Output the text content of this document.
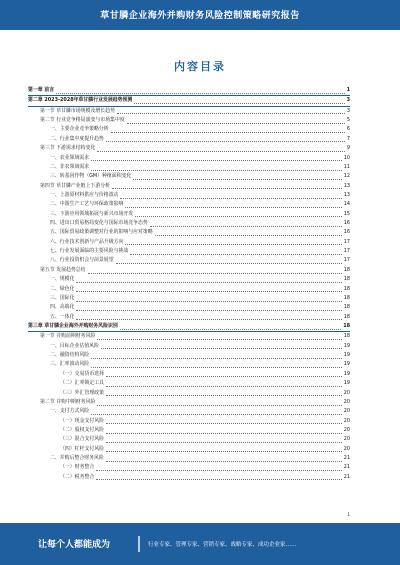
草甘膦企业海外并购财务风险控制策略研究报告
内容目录
第一章 前言	1
第二章 2023-2028年草甘膦行业发展趋势预测	3
第一节 草甘膦市场规模及增长趋势	3
第二节 行业竞争格局演变与市场集中度	5
一、主要企业竞争策略分析	6
二、行业集中度提升趋势	7
第三节 下游需求结构变化	9
一、农业领域需求	10
二、非农领域需求	11
三、转基因作物（GM）种植面积变化	12
第四节 草甘膦产业链上下游分析	13
一、上游原材料供应与价格波动	13
二、中游生产工艺与环保政策影响	14
三、下游应用领域拓展与新兴市场开发	15
四、进出口贸易格局变化与国际市场竞争态势	16
五、国际贸易政策调整对行业的影响与应对策略	16
六、行业技术创新与产品升级方向	17
七、行业发展面临的主要风险与挑战	17
八、行业投资机会与前景展望	17
第五节 发展趋势总结	18
一、规模化	18
二、绿色化	18
三、国际化	18
四、高端化	18
五、一体化	18
第三章 草甘膦企业海外并购财务风险识别	18
第一节 并购前期财务风险	18
一、目标企业估值风险	19
二、融资结构风险	19
三、汇率波动风险	19
（一）交易货币选择	19
（二）汇率锁定工具	19
（三）外汇管理政策	20
第二节 并购中期财务风险	20
一、支付方式风险	20
（一）现金支付风险	20
（二）股权支付风险	20
（三）混合支付风险	20
（四）杠杆支付风险	20
二、并购后整合财务风险	21
（一）财务整合	21
（二）税务整合	21
1
让每个人都能成为	行业专家、管理专家、营销专家、战略专家、成功企业家……
